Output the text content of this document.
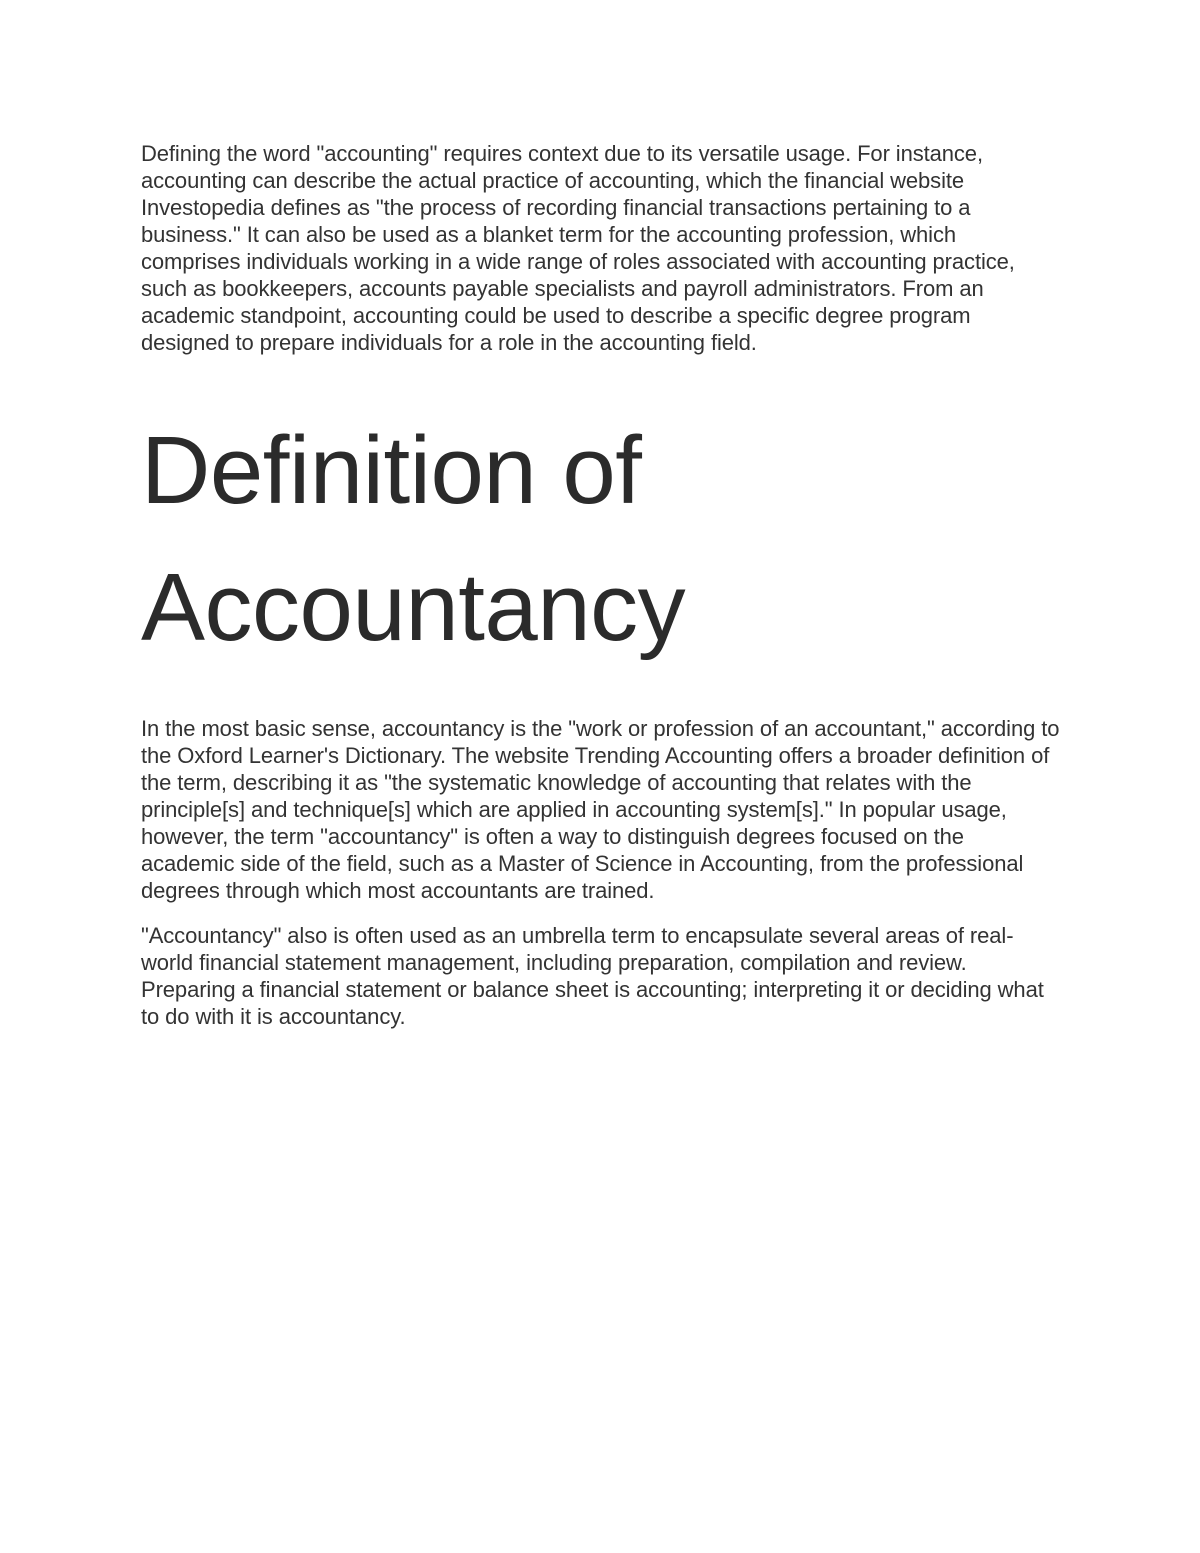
Defining the word "accounting" requires context due to its versatile usage. For instance, accounting can describe the actual practice of accounting, which the financial website Investopedia defines as "the process of recording financial transactions pertaining to a business." It can also be used as a blanket term for the accounting profession, which comprises individuals working in a wide range of roles associated with accounting practice, such as bookkeepers, accounts payable specialists and payroll administrators. From an academic standpoint, accounting could be used to describe a specific degree program designed to prepare individuals for a role in the accounting field.

Definition of
Accountancy

In the most basic sense, accountancy is the "work or profession of an accountant," according to the Oxford Learner's Dictionary. The website Trending Accounting offers a broader definition of the term, describing it as "the systematic knowledge of accounting that relates with the principle[s] and technique[s] which are applied in accounting system[s]." In popular usage, however, the term "accountancy" is often a way to distinguish degrees focused on the academic side of the field, such as a Master of Science in Accounting, from the professional degrees through which most accountants are trained.

"Accountancy" also is often used as an umbrella term to encapsulate several areas of real-world financial statement management, including preparation, compilation and review. Preparing a financial statement or balance sheet is accounting; interpreting it or deciding what to do with it is accountancy.
